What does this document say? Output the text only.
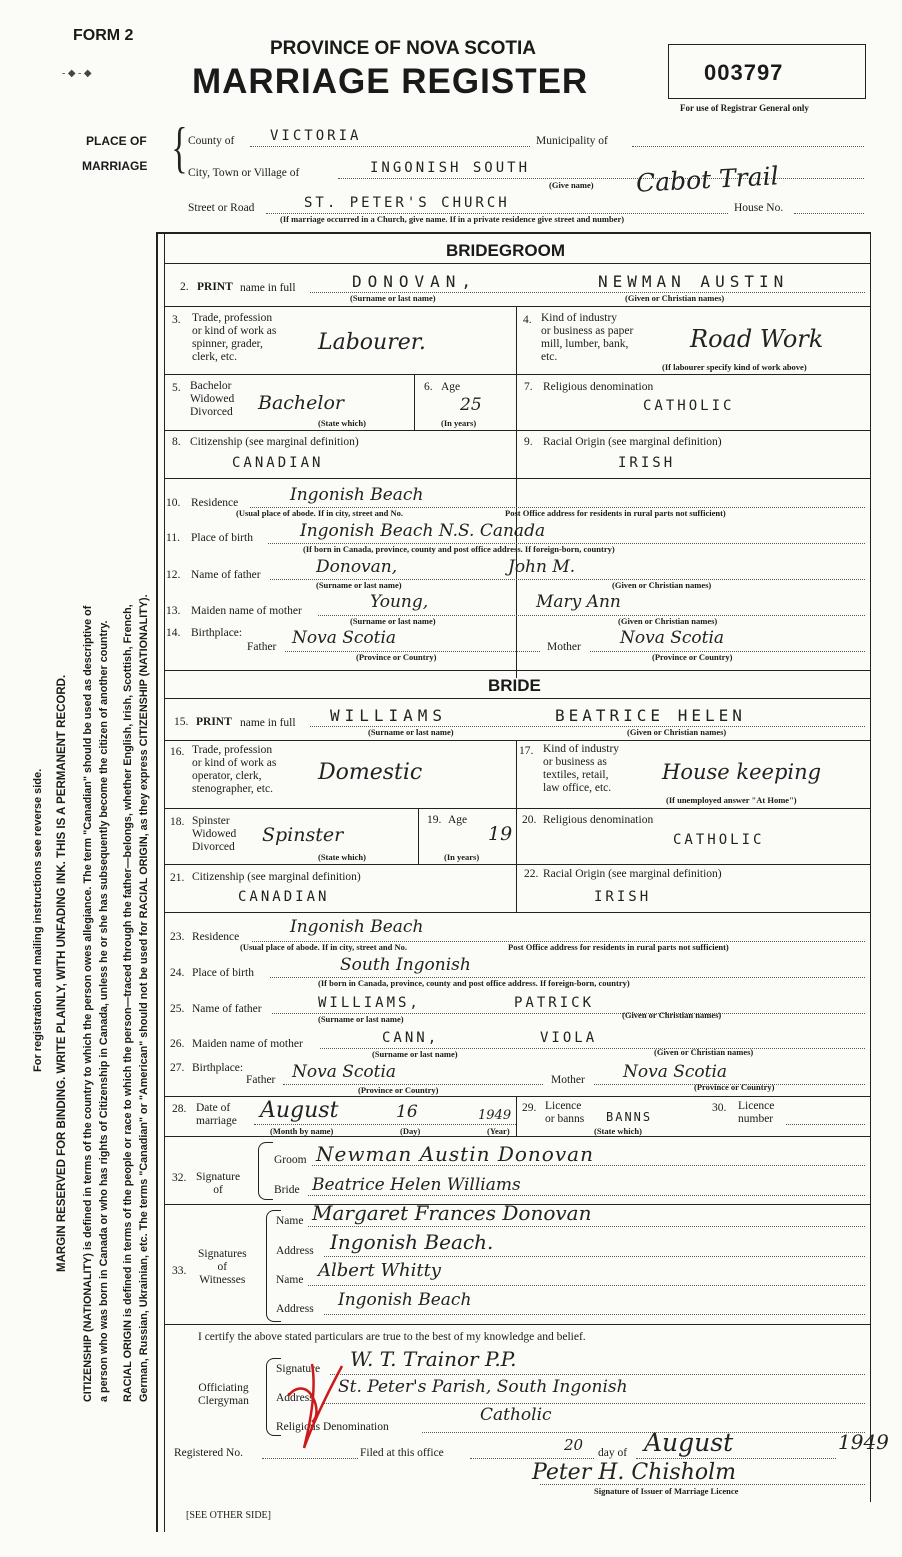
FORM 2
- ◆ - ◆
PROVINCE OF NOVA SCOTIA
MARRIAGE REGISTER	003797
For use of Registrar General only
PLACE OF
MARRIAGE { County of	VICTORIA	Municipality of
City, Town or Village of	INGONISH SOUTH
(Give name)
Street or Road	ST. PETER'S CHURCH
Cabot Trail
House No.
(If marriage occurred in a Church, give name. If in a private residence give street and number)
For registration and mailing instructions see reverse side. MARGIN RESERVED FOR BINDING. WRITE PLAINLY, WITH UNFADING INK. THIS IS A PERMANENT RECORD. CITIZENSHIP (NATIONALITY) is defined in terms of the country to which the person owes allegiance. The term "Canadian" should be used as descriptive of a person who was born in Canada or who has rights of Citizenship in Canada, unless he or she has subsequently become the citizen of another country. RACIAL ORIGIN is defined in terms of the people or race to which the person—traced through the father—belongs, whether English, Irish, Scottish, French, German, Russian, Ukrainian, etc. The terms "Canadian" or "American" should not be used for RACIAL ORIGIN, as they express CITIZENSHIP (NATIONALITY).
BRIDEGROOM
2. PRINT name in full	DONOVAN,	NEWMAN AUSTIN
(Surname or last name)	(Given or Christian names)
3. Trade, profession
or kind of work as
spinner, grader,
clerk, etc.
Labourer.
4. Kind of industry
or business as paper
mill, lumber, bank,
etc.
Road Work
(If labourer specify kind of work above)
5. Bachelor
Widowed
Divorced Bachelor
(State which)
6. Age
25
(In years)
7. Religious denomination
CATHOLIC
8. Citizenship (see marginal definition)
CANADIAN
9. Racial Origin (see marginal definition)
IRISH
10. Residence	Ingonish Beach
(Usual place of abode. If in city, street and No.	Post Office address for residents in rural parts not sufficient)
11. Place of birth	Ingonish Beach N.S. Canada
(If born in Canada, province, county and post office address. If foreign-born, country)
12. Name of father	Donovan,	John M.
(Surname or last name)	(Given or Christian names)
13. Maiden name of mother	Young,	Mary Ann
(Surname or last name)	(Given or Christian names)
14. Birthplace:
Father Nova Scotia
(Province or Country)
Mother Nova Scotia
(Province or Country)
BRIDE
15. PRINT name in full WILLIAMS	BEATRICE HELEN
(Surname or last name)	(Given or Christian names)
16. Trade, profession
or kind of work as
operator, clerk,
stenographer, etc.
Domestic
17. Kind of industry
or business as
textiles, retail,
law office, etc.
House keeping
(If unemployed answer "At Home")
18. Spinster
Widowed
Divorced
Spinster
(State which)
19. Age
19
(In years)
20. Religious denomination
CATHOLIC
21. Citizenship (see marginal definition)
CANADIAN
22. Racial Origin (see marginal definition)
IRISH
23. Residence	Ingonish Beach
(Usual place of abode. If in city, street and No.	Post Office address for residents in rural parts not sufficient)
24. Place of birth	South Ingonish
(If born in Canada, province, county and post office address. If foreign-born, country)
25. Name of father	WILLIAMS,	PATRICK
(Surname or last name)	(Given or Christian names)
26. Maiden name of mother	CANN,	VIOLA
(Surname or last name)	(Given or Christian names)
27. Birthplace:
Father Nova Scotia
(Province or Country)
Mother Nova Scotia
(Province or Country)
28. Date of
marriage August	16	1949
(Month by name)	(Day)	(Year)
29. Licence
or banns BANNS
(State which)
30. Licence
number
32. Signature
of
Groom Newman Austin Donovan
Bride Beatrice Helen Williams
33.
Signatures
of
Witnesses
Name Margaret Frances Donovan
Address Ingonish Beach.
Name Albert Whitty
Address Ingonish Beach
I certify the above stated particulars are true to the best of my knowledge and belief.
Officiating
Clergyman
Signature W. T. Trainor P.P.
Address
St. Peter's Parish, South Ingonish
Religious Denomination
Catholic
Registered No.	Filed at this office	20 day of August	1949
Peter H. Chisholm
Signature of Issuer of Marriage Licence
[SEE OTHER SIDE]
